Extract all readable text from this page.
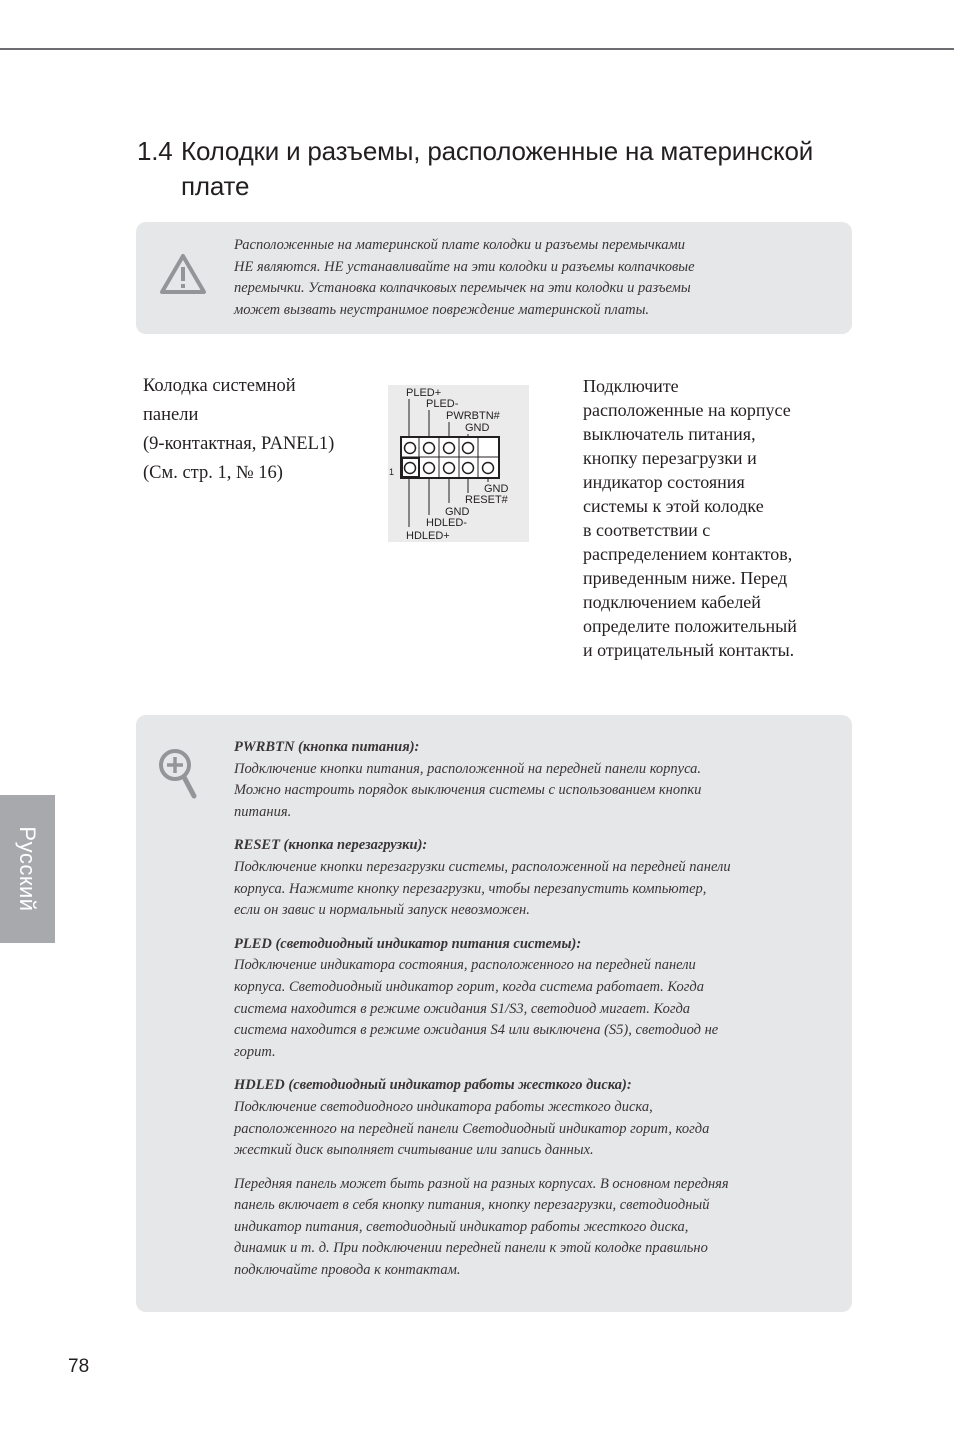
1.4 Колодки и разъемы, расположенные на материнской плате

Расположенные на материнской плате колодки и разъемы перемычками
НЕ являются. НЕ устанавливайте на эти колодки и разъемы колпачковые
перемычки. Установка колпачковых перемычек на эти колодки и разъемы
может вызвать неустранимое повреждение материнской платы.

Колодка системной
панели
(9-контактная, PANEL1)
(См. стр. 1, № 16)
PLED+
PLED-
PWRBTN#
GND
1
GND
RESET#
GND
HDLED-
HDLED+
Подключите
расположенные на корпусе
выключатель питания,
кнопку перезагрузки и
индикатор состояния
системы к этой колодке
в соответствии с
распределением контактов,
приведенным ниже. Перед
подключением кабелей
определите положительный
и отрицательный контакты.

PWRBTN (кнопка питания):

Подключение кнопки питания, расположенной на передней панели корпуса.
Можно настроить порядок выключения системы с использованием кнопки
питания.

RESET (кнопка перезагрузки):

Подключение кнопки перезагрузки системы, расположенной на передней панели
корпуса. Нажмите кнопку перезагрузки, чтобы перезапустить компьютер,
если он завис и нормальный запуск невозможен.

PLED (светодиодный индикатор питания системы):

Подключение индикатора состояния, расположенного на передней панели
корпуса. Светодиодный индикатор горит, когда система работает. Когда
система находится в режиме ожидания S1/S3, светодиод мигает. Когда
система находится в режиме ожидания S4 или выключена (S5), светодиод не
горит.

HDLED (светодиодный индикатор работы жесткого диска):

Подключение светодиодного индикатора работы жесткого диска,
расположенного на передней панели Светодиодный индикатор горит, когда
жесткий диск выполняет считывание или запись данных.

Передняя панель может быть разной на разных корпусах. В основном передняя
панель включает в себя кнопку питания, кнопку перезагрузки, светодиодный
индикатор питания, светодиодный индикатор работы жесткого диска,
динамик и т. д. При подключении передней панели к этой колодке правильно
подключайте провода к контактам.

Русский
78
